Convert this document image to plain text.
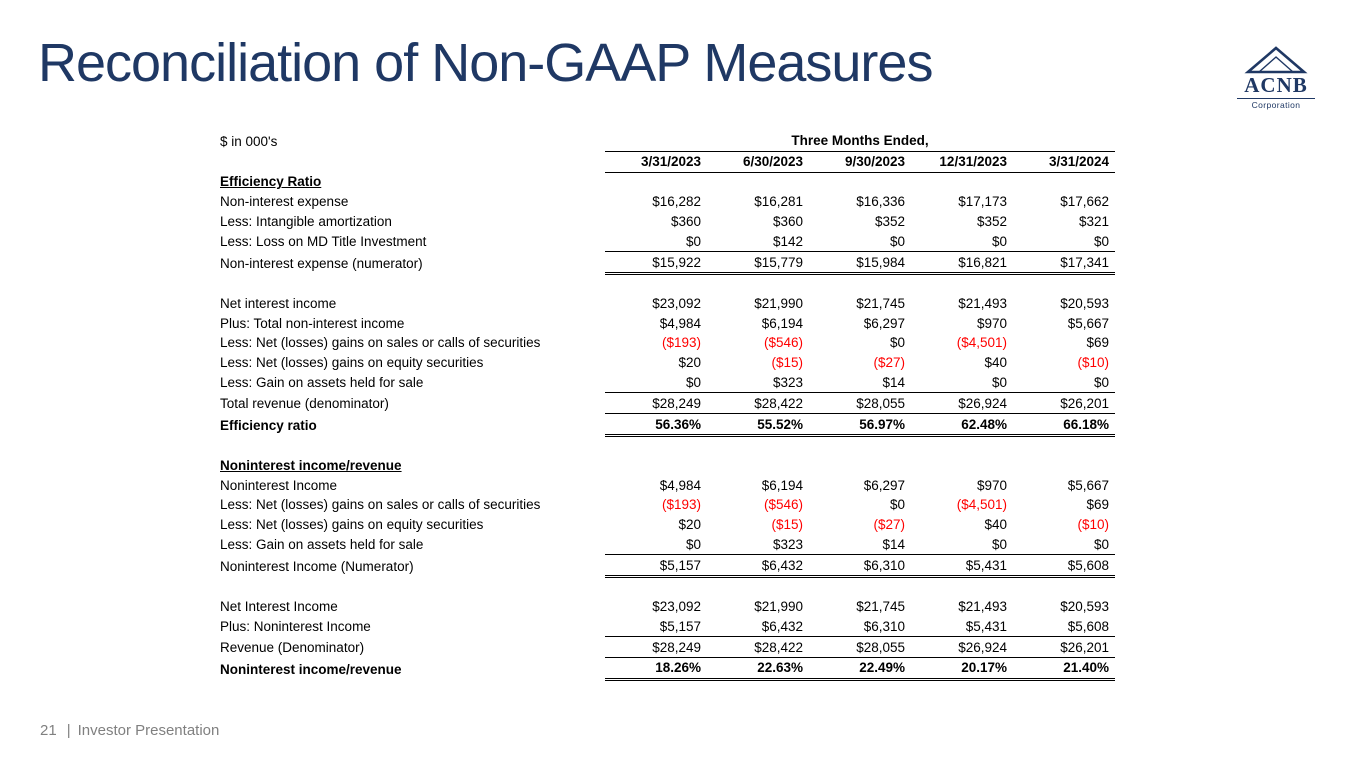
Reconciliation of Non-GAAP Measures	ACNB
Corporation
$ in 000's	Three Months Ended,				
	3/31/2023	6/30/2023	9/30/2023	12/31/2023	3/31/2024
Efficiency Ratio					
Non-interest expense	$16,282	$16,281	$16,336	$17,173	$17,662
Less: Intangible amortization	$360	$360	$352	$352	$321
Less: Loss on MD Title Investment	$0	$142	$0	$0	$0
Non-interest expense (numerator)	$15,922	$15,779	$15,984	$16,821	$17,341

Net interest income	$23,092	$21,990	$21,745	$21,493	$20,593
Plus: Total non-interest income	$4,984	$6,194	$6,297	$970	$5,667
Less: Net (losses) gains on sales or calls of securities	($193)	($546)	$0	($4,501)	$69
Less: Net (losses) gains on equity securities	$20	($15)	($27)	$40	($10)
Less: Gain on assets held for sale	$0	$323	$14	$0	$0
Total revenue (denominator)	$28,249	$28,422	$28,055	$26,924	$26,201
Efficiency ratio	56.36%	55.52%	56.97%	62.48%	66.18%

Noninterest income/revenue					
Noninterest Income	$4,984	$6,194	$6,297	$970	$5,667
Less: Net (losses) gains on sales or calls of securities	($193)	($546)	$0	($4,501)	$69
Less: Net (losses) gains on equity securities	$20	($15)	($27)	$40	($10)
Less: Gain on assets held for sale	$0	$323	$14	$0	$0
Noninterest Income (Numerator)	$5,157	$6,432	$6,310	$5,431	$5,608

Net Interest Income	$23,092	$21,990	$21,745	$21,493	$20,593
Plus: Noninterest Income	$5,157	$6,432	$6,310	$5,431	$5,608
Revenue (Denominator)	$28,249	$28,422	$28,055	$26,924	$26,201
Noninterest income/revenue	18.26%	22.63%	22.49%	20.17%	21.40%
21 | Investor Presentation
